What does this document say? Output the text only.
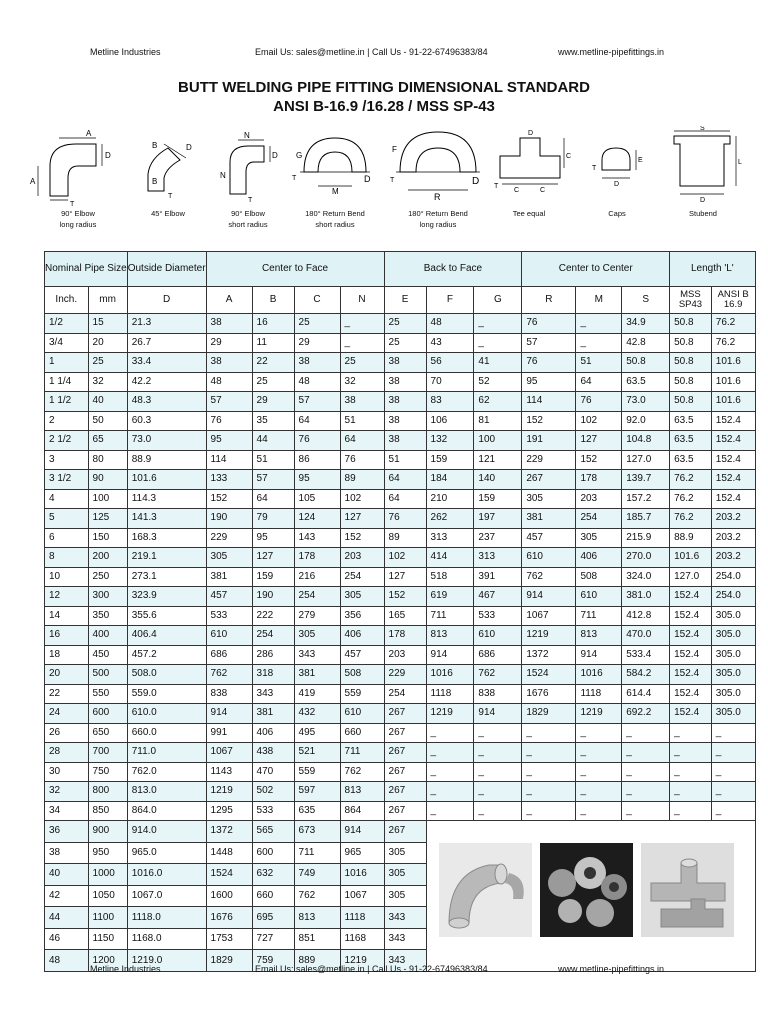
Metline Industries	Email Us: sales@metline.in | Call Us - 91-22-67496383/84	www.metline-pipefittings.in
BUTT WELDING PIPE FITTING DIMENSIONAL STANDARD
ANSI B-16.9 /16.28 / MSS SP-43
A
D
A
T
90° Elbow
long radius
B	D
B
T
45° Elbow
N
D
N
T
90° Elbow
short radius
G
D
T
M
180° Return Bend
short radius
F
D
T
R
180° Return Bend
long radius
D
C
C	C
T
Tee equal
E
T
D
Caps
S
L
D
Stubend
Nominal Pipe Size		Outside Diameter	Center to Face				Back to Face			Center to Center			Length 'L'	
Inch.	mm	D	A	B	C	N	E	F	G	R	M	S	MSS SP43	ANSI B 16.9
1/2	15	21.3	38	16	25	_	25	48	_	76	_	34.9	50.8	76.2
3/4	20	26.7	29	11	29	_	25	43	_	57	_	42.8	50.8	76.2
1	25	33.4	38	22	38	25	38	56	41	76	51	50.8	50.8	101.6
1 1/4	32	42.2	48	25	48	32	38	70	52	95	64	63.5	50.8	101.6
1 1/2	40	48.3	57	29	57	38	38	83	62	114	76	73.0	50.8	101.6
2	50	60.3	76	35	64	51	38	106	81	152	102	92.0	63.5	152.4
2 1/2	65	73.0	95	44	76	64	38	132	100	191	127	104.8	63.5	152.4
3	80	88.9	114	51	86	76	51	159	121	229	152	127.0	63.5	152.4
3 1/2	90	101.6	133	57	95	89	64	184	140	267	178	139.7	76.2	152.4
4	100	114.3	152	64	105	102	64	210	159	305	203	157.2	76.2	152.4
5	125	141.3	190	79	124	127	76	262	197	381	254	185.7	76.2	203.2
6	150	168.3	229	95	143	152	89	313	237	457	305	215.9	88.9	203.2
8	200	219.1	305	127	178	203	102	414	313	610	406	270.0	101.6	203.2
10	250	273.1	381	159	216	254	127	518	391	762	508	324.0	127.0	254.0
12	300	323.9	457	190	254	305	152	619	467	914	610	381.0	152.4	254.0
14	350	355.6	533	222	279	356	165	711	533	1067	711	412.8	152.4	305.0
16	400	406.4	610	254	305	406	178	813	610	1219	813	470.0	152.4	305.0
18	450	457.2	686	286	343	457	203	914	686	1372	914	533.4	152.4	305.0
20	500	508.0	762	318	381	508	229	1016	762	1524	1016	584.2	152.4	305.0
22	550	559.0	838	343	419	559	254	1118	838	1676	1118	614.4	152.4	305.0
24	600	610.0	914	381	432	610	267	1219	914	1829	1219	692.2	152.4	305.0
26	650	660.0	991	406	495	660	267	_	_	_	_	_	_	_
28	700	711.0	1067	438	521	711	267	_	_	_	_	_	_	_
30	750	762.0	1143	470	559	762	267	_	_	_	_	_	_	_
32	800	813.0	1219	502	597	813	267	_	_	_	_	_	_	_
34	850	864.0	1295	533	635	864	267	_	_	_	_	_	_	_
36	900	914.0	1372	565	673	914	267	

38	950	965.0	1448	600	711	965	305							
40	1000	1016.0	1524	632	749	1016	305							
42	1050	1067.0	1600	660	762	1067	305							
44	1100	1118.0	1676	695	813	1118	343							
46	1150	1168.0	1753	727	851	1168	343							
48	1200	1219.0	1829	759	889	1219	343							
Metline Industries	Email Us: sales@metline.in | Call Us - 91-22-67496383/84	www.metline-pipefittings.in
